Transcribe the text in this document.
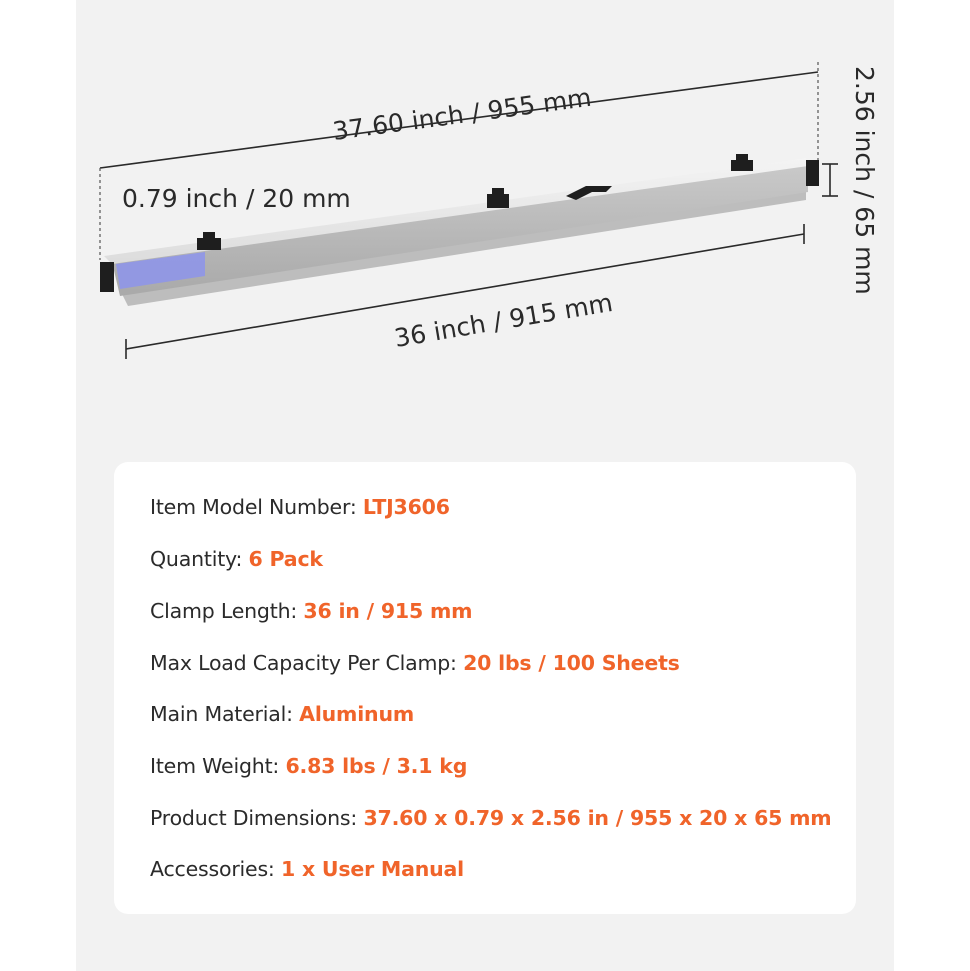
37.60 inch / 955 mm
0.79 inch / 20 mm	2.56 inch / 65 mm
36 inch / 915 mm
Item Model Number: LTJ3606
Quantity: 6 Pack
Clamp Length: 36 in / 915 mm
Max Load Capacity Per Clamp: 20 lbs / 100 Sheets
Main Material: Aluminum
Item Weight: 6.83 lbs / 3.1 kg
Product Dimensions: 37.60 x 0.79 x 2.56 in / 955 x 20 x 65 mm
Accessories: 1 x User Manual
